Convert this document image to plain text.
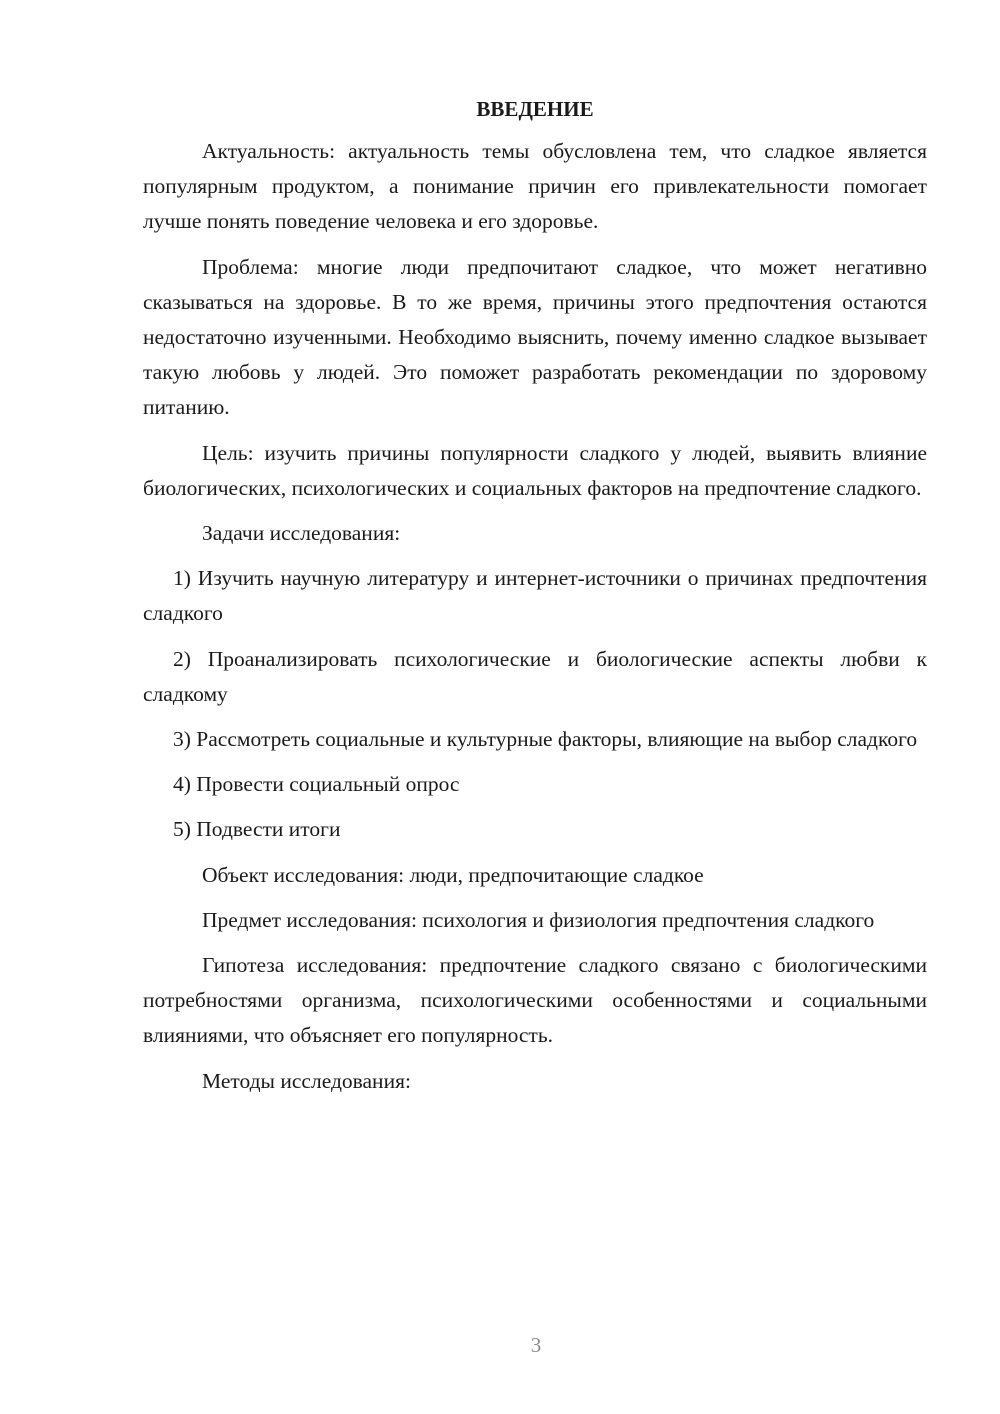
ВВЕДЕНИЕ

Актуальность: актуальность темы обусловлена тем, что сладкое является популярным продуктом, а понимание причин его привлекательности помогает лучше понять поведение человека и его здоровье.

Проблема: многие люди предпочитают сладкое, что может негативно сказываться на здоровье. В то же время, причины этого предпочтения остаются недостаточно изученными. Необходимо выяснить, почему именно сладкое вызывает такую любовь у людей. Это поможет разработать рекомендации по здоровому питанию.

Цель: изучить причины популярности сладкого у людей, выявить влияние биологических, психологических и социальных факторов на предпочтение сладкого.

Задачи исследования:

1) Изучить научную литературу и интернет-источники о причинах предпочтения сладкого

2) Проанализировать психологические и биологические аспекты любви к сладкому

3) Рассмотреть социальные и культурные факторы, влияющие на выбор сладкого

4) Провести социальный опрос

5) Подвести итоги

Объект исследования: люди, предпочитающие сладкое

Предмет исследования: психология и физиология предпочтения сладкого

Гипотеза исследования: предпочтение сладкого связано с биологическими потребностями организма, психологическими особенностями и социальными влияниями, что объясняет его популярность.

Методы исследования:

3
